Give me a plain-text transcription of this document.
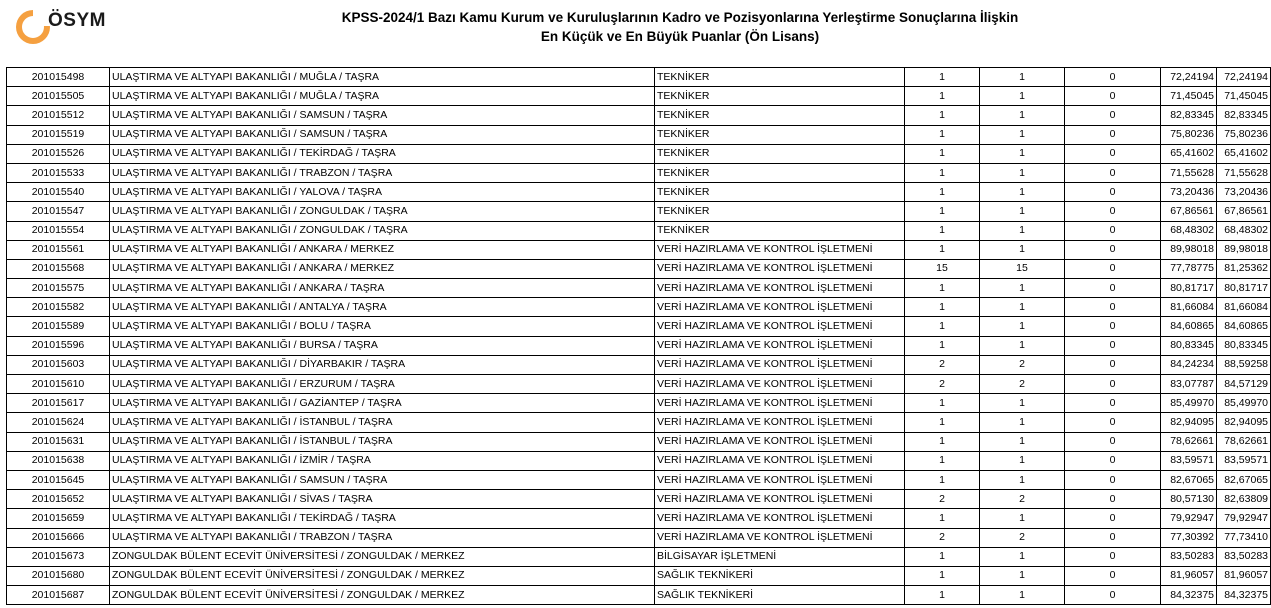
ÖSYM	KPSS-2024/1 Bazı Kamu Kurum ve Kuruluşlarının Kadro ve Pozisyonlarına Yerleştirme Sonuçlarına İlişkin
En Küçük ve En Büyük Puanlar (Ön Lisans)
201015498	ULAŞTIRMA VE ALTYAPI BAKANLIĞI / MUĞLA / TAŞRA	TEKNİKER	1	1	0	72,24194	72,24194
201015505	ULAŞTIRMA VE ALTYAPI BAKANLIĞI / MUĞLA / TAŞRA	TEKNİKER	1	1	0	71,45045	71,45045
201015512	ULAŞTIRMA VE ALTYAPI BAKANLIĞI / SAMSUN / TAŞRA	TEKNİKER	1	1	0	82,83345	82,83345
201015519	ULAŞTIRMA VE ALTYAPI BAKANLIĞI / SAMSUN / TAŞRA	TEKNİKER	1	1	0	75,80236	75,80236
201015526	ULAŞTIRMA VE ALTYAPI BAKANLIĞI / TEKİRDAĞ / TAŞRA	TEKNİKER	1	1	0	65,41602	65,41602
201015533	ULAŞTIRMA VE ALTYAPI BAKANLIĞI / TRABZON / TAŞRA	TEKNİKER	1	1	0	71,55628	71,55628
201015540	ULAŞTIRMA VE ALTYAPI BAKANLIĞI / YALOVA / TAŞRA	TEKNİKER	1	1	0	73,20436	73,20436
201015547	ULAŞTIRMA VE ALTYAPI BAKANLIĞI / ZONGULDAK / TAŞRA	TEKNİKER	1	1	0	67,86561	67,86561
201015554	ULAŞTIRMA VE ALTYAPI BAKANLIĞI / ZONGULDAK / TAŞRA	TEKNİKER	1	1	0	68,48302	68,48302
201015561	ULAŞTIRMA VE ALTYAPI BAKANLIĞI / ANKARA / MERKEZ	VERİ HAZIRLAMA VE KONTROL İŞLETMENİ	1	1	0	89,98018	89,98018
201015568	ULAŞTIRMA VE ALTYAPI BAKANLIĞI / ANKARA / MERKEZ	VERİ HAZIRLAMA VE KONTROL İŞLETMENİ	15	15	0	77,78775	81,25362
201015575	ULAŞTIRMA VE ALTYAPI BAKANLIĞI / ANKARA / TAŞRA	VERİ HAZIRLAMA VE KONTROL İŞLETMENİ	1	1	0	80,81717	80,81717
201015582	ULAŞTIRMA VE ALTYAPI BAKANLIĞI / ANTALYA / TAŞRA	VERİ HAZIRLAMA VE KONTROL İŞLETMENİ	1	1	0	81,66084	81,66084
201015589	ULAŞTIRMA VE ALTYAPI BAKANLIĞI / BOLU / TAŞRA	VERİ HAZIRLAMA VE KONTROL İŞLETMENİ	1	1	0	84,60865	84,60865
201015596	ULAŞTIRMA VE ALTYAPI BAKANLIĞI / BURSA / TAŞRA	VERİ HAZIRLAMA VE KONTROL İŞLETMENİ	1	1	0	80,83345	80,83345
201015603	ULAŞTIRMA VE ALTYAPI BAKANLIĞI / DİYARBAKIR / TAŞRA	VERİ HAZIRLAMA VE KONTROL İŞLETMENİ	2	2	0	84,24234	88,59258
201015610	ULAŞTIRMA VE ALTYAPI BAKANLIĞI / ERZURUM / TAŞRA	VERİ HAZIRLAMA VE KONTROL İŞLETMENİ	2	2	0	83,07787	84,57129
201015617	ULAŞTIRMA VE ALTYAPI BAKANLIĞI / GAZİANTEP / TAŞRA	VERİ HAZIRLAMA VE KONTROL İŞLETMENİ	1	1	0	85,49970	85,49970
201015624	ULAŞTIRMA VE ALTYAPI BAKANLIĞI / İSTANBUL / TAŞRA	VERİ HAZIRLAMA VE KONTROL İŞLETMENİ	1	1	0	82,94095	82,94095
201015631	ULAŞTIRMA VE ALTYAPI BAKANLIĞI / İSTANBUL / TAŞRA	VERİ HAZIRLAMA VE KONTROL İŞLETMENİ	1	1	0	78,62661	78,62661
201015638	ULAŞTIRMA VE ALTYAPI BAKANLIĞI / İZMİR / TAŞRA	VERİ HAZIRLAMA VE KONTROL İŞLETMENİ	1	1	0	83,59571	83,59571
201015645	ULAŞTIRMA VE ALTYAPI BAKANLIĞI / SAMSUN / TAŞRA	VERİ HAZIRLAMA VE KONTROL İŞLETMENİ	1	1	0	82,67065	82,67065
201015652	ULAŞTIRMA VE ALTYAPI BAKANLIĞI / SİVAS / TAŞRA	VERİ HAZIRLAMA VE KONTROL İŞLETMENİ	2	2	0	80,57130	82,63809
201015659	ULAŞTIRMA VE ALTYAPI BAKANLIĞI / TEKİRDAĞ / TAŞRA	VERİ HAZIRLAMA VE KONTROL İŞLETMENİ	1	1	0	79,92947	79,92947
201015666	ULAŞTIRMA VE ALTYAPI BAKANLIĞI / TRABZON / TAŞRA	VERİ HAZIRLAMA VE KONTROL İŞLETMENİ	2	2	0	77,30392	77,73410
201015673	ZONGULDAK BÜLENT ECEVİT ÜNİVERSİTESİ / ZONGULDAK / MERKEZ	BİLGİSAYAR İŞLETMENİ	1	1	0	83,50283	83,50283
201015680	ZONGULDAK BÜLENT ECEVİT ÜNİVERSİTESİ / ZONGULDAK / MERKEZ	SAĞLIK TEKNİKERİ	1	1	0	81,96057	81,96057
201015687	ZONGULDAK BÜLENT ECEVİT ÜNİVERSİTESİ / ZONGULDAK / MERKEZ	SAĞLIK TEKNİKERİ	1	1	0	84,32375	84,32375
